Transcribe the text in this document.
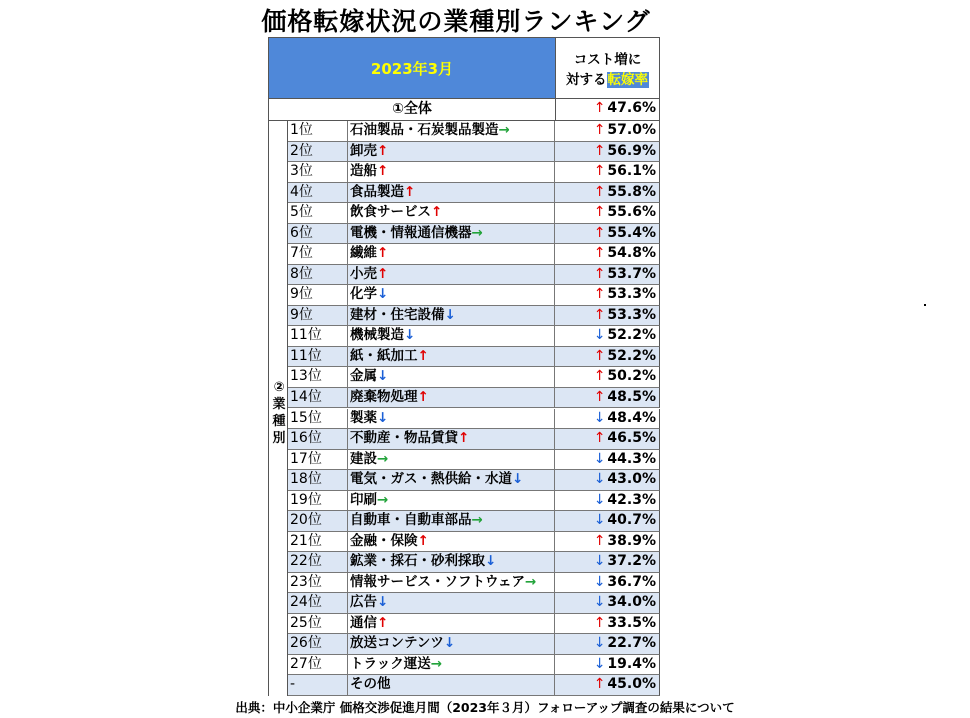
価格転嫁状況の業種別ランキング
2023年3月	コスト増に
対する転嫁率
①全体	↑ 47.6%
②
業
種
別
1位	石油製品・石炭製品製造→	↑ 57.0%
2位	卸売↑	↑ 56.9%
3位	造船↑	↑ 56.1%
4位	食品製造↑	↑ 55.8%
5位	飲食サービス↑	↑ 55.6%
6位	電機・情報通信機器→	↑ 55.4%
7位	繊維↑	↑ 54.8%
8位	小売↑	↑ 53.7%
9位	化学↓	↑ 53.3%
9位	建材・住宅設備↓	↑ 53.3%
11位	機械製造↓	↓ 52.2%
11位	紙・紙加工↑	↑ 52.2%
13位	金属↓	↑ 50.2%
14位	廃棄物処理↑	↑ 48.5%
15位	製薬↓	↓ 48.4%
16位	不動産・物品賃貸↑	↑ 46.5%
17位	建設→	↓ 44.3%
18位	電気・ガス・熱供給・水道↓	↓ 43.0%
19位	印刷→	↓ 42.3%
20位	自動車・自動車部品→	↓ 40.7%
21位	金融・保険↑	↑ 38.9%
22位	鉱業・採石・砂利採取↓	↓ 37.2%
23位	情報サービス・ソフトウェア→	↓ 36.7%
24位	広告↓	↓ 34.0%
25位	通信↑	↑ 33.5%
26位	放送コンテンツ↓	↓ 22.7%
27位	トラック運送→	↓ 19.4%
-	その他	↑ 45.0%
出典：中小企業庁 価格交渉促進月間（2023年３月）フォローアップ調査の結果について
